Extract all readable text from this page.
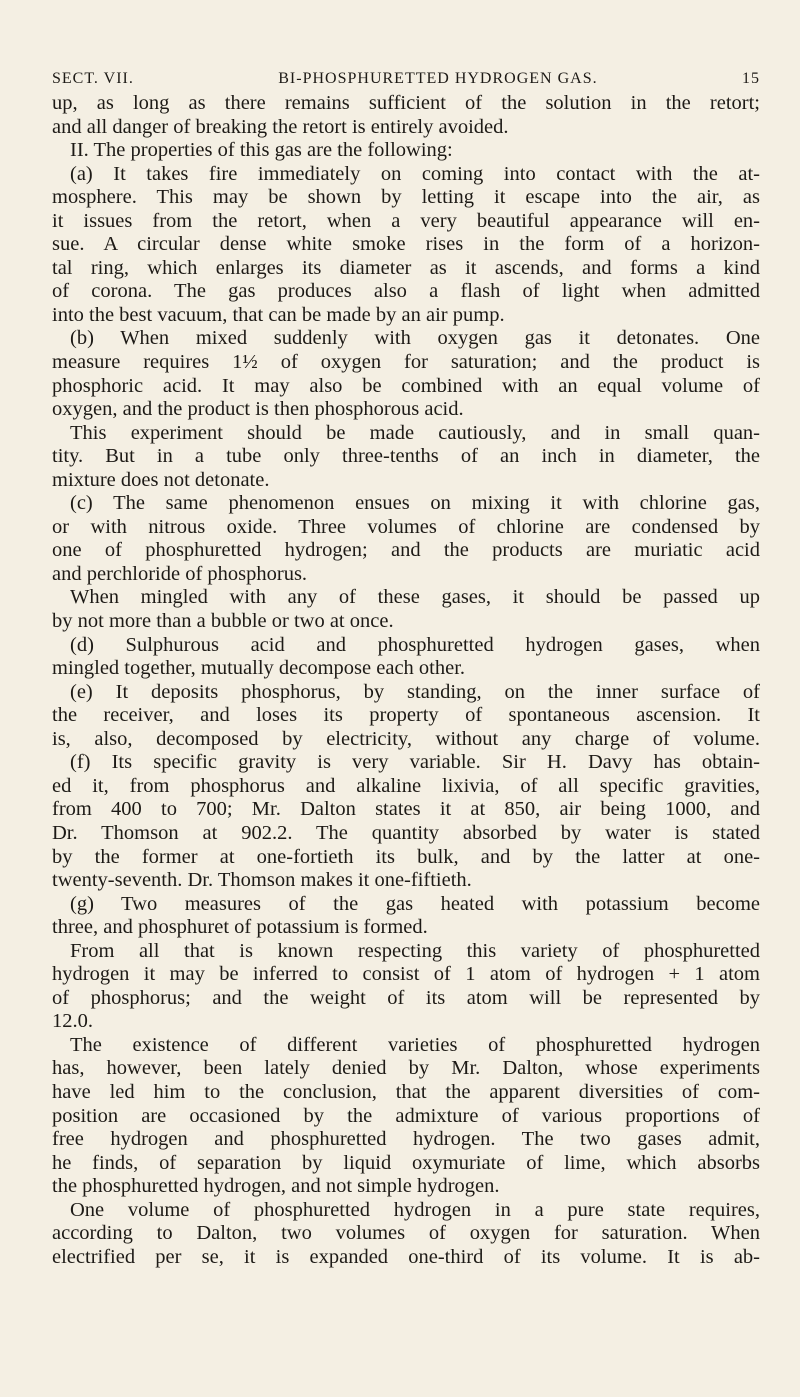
SECT. VII.	BI-PHOSPHURETTED HYDROGEN GAS.	15
up, as long as there remains sufficient of the solution in the retort;
and all danger of breaking the retort is entirely avoided.
II. The properties of this gas are the following:
(a) It takes fire immediately on coming into contact with the at-
mosphere. This may be shown by letting it escape into the air, as
it issues from the retort, when a very beautiful appearance will en-
sue. A circular dense white smoke rises in the form of a horizon-
tal ring, which enlarges its diameter as it ascends, and forms a kind
of corona. The gas produces also a flash of light when admitted
into the best vacuum, that can be made by an air pump.
(b) When mixed suddenly with oxygen gas it detonates. One
measure requires 1½ of oxygen for saturation; and the product is
phosphoric acid. It may also be combined with an equal volume of
oxygen, and the product is then phosphorous acid.
This experiment should be made cautiously, and in small quan-
tity. But in a tube only three-tenths of an inch in diameter, the
mixture does not detonate.
(c) The same phenomenon ensues on mixing it with chlorine gas,
or with nitrous oxide. Three volumes of chlorine are condensed by
one of phosphuretted hydrogen; and the products are muriatic acid
and perchloride of phosphorus.
When mingled with any of these gases, it should be passed up
by not more than a bubble or two at once.
(d) Sulphurous acid and phosphuretted hydrogen gases, when
mingled together, mutually decompose each other.
(e) It deposits phosphorus, by standing, on the inner surface of
the receiver, and loses its property of spontaneous ascension. It
is, also, decomposed by electricity, without any charge of volume.
(f) Its specific gravity is very variable. Sir H. Davy has obtain-
ed it, from phosphorus and alkaline lixivia, of all specific gravities,
from 400 to 700; Mr. Dalton states it at 850, air being 1000, and
Dr. Thomson at 902.2. The quantity absorbed by water is stated
by the former at one-fortieth its bulk, and by the latter at one-
twenty-seventh. Dr. Thomson makes it one-fiftieth.
(g) Two measures of the gas heated with potassium become
three, and phosphuret of potassium is formed.
From all that is known respecting this variety of phosphuretted
hydrogen it may be inferred to consist of 1 atom of hydrogen + 1 atom
of phosphorus; and the weight of its atom will be represented by
12.0.
The existence of different varieties of phosphuretted hydrogen
has, however, been lately denied by Mr. Dalton, whose experiments
have led him to the conclusion, that the apparent diversities of com-
position are occasioned by the admixture of various proportions of
free hydrogen and phosphuretted hydrogen. The two gases admit,
he finds, of separation by liquid oxymuriate of lime, which absorbs
the phosphuretted hydrogen, and not simple hydrogen.
One volume of phosphuretted hydrogen in a pure state requires,
according to Dalton, two volumes of oxygen for saturation. When
electrified per se, it is expanded one-third of its volume. It is ab-
